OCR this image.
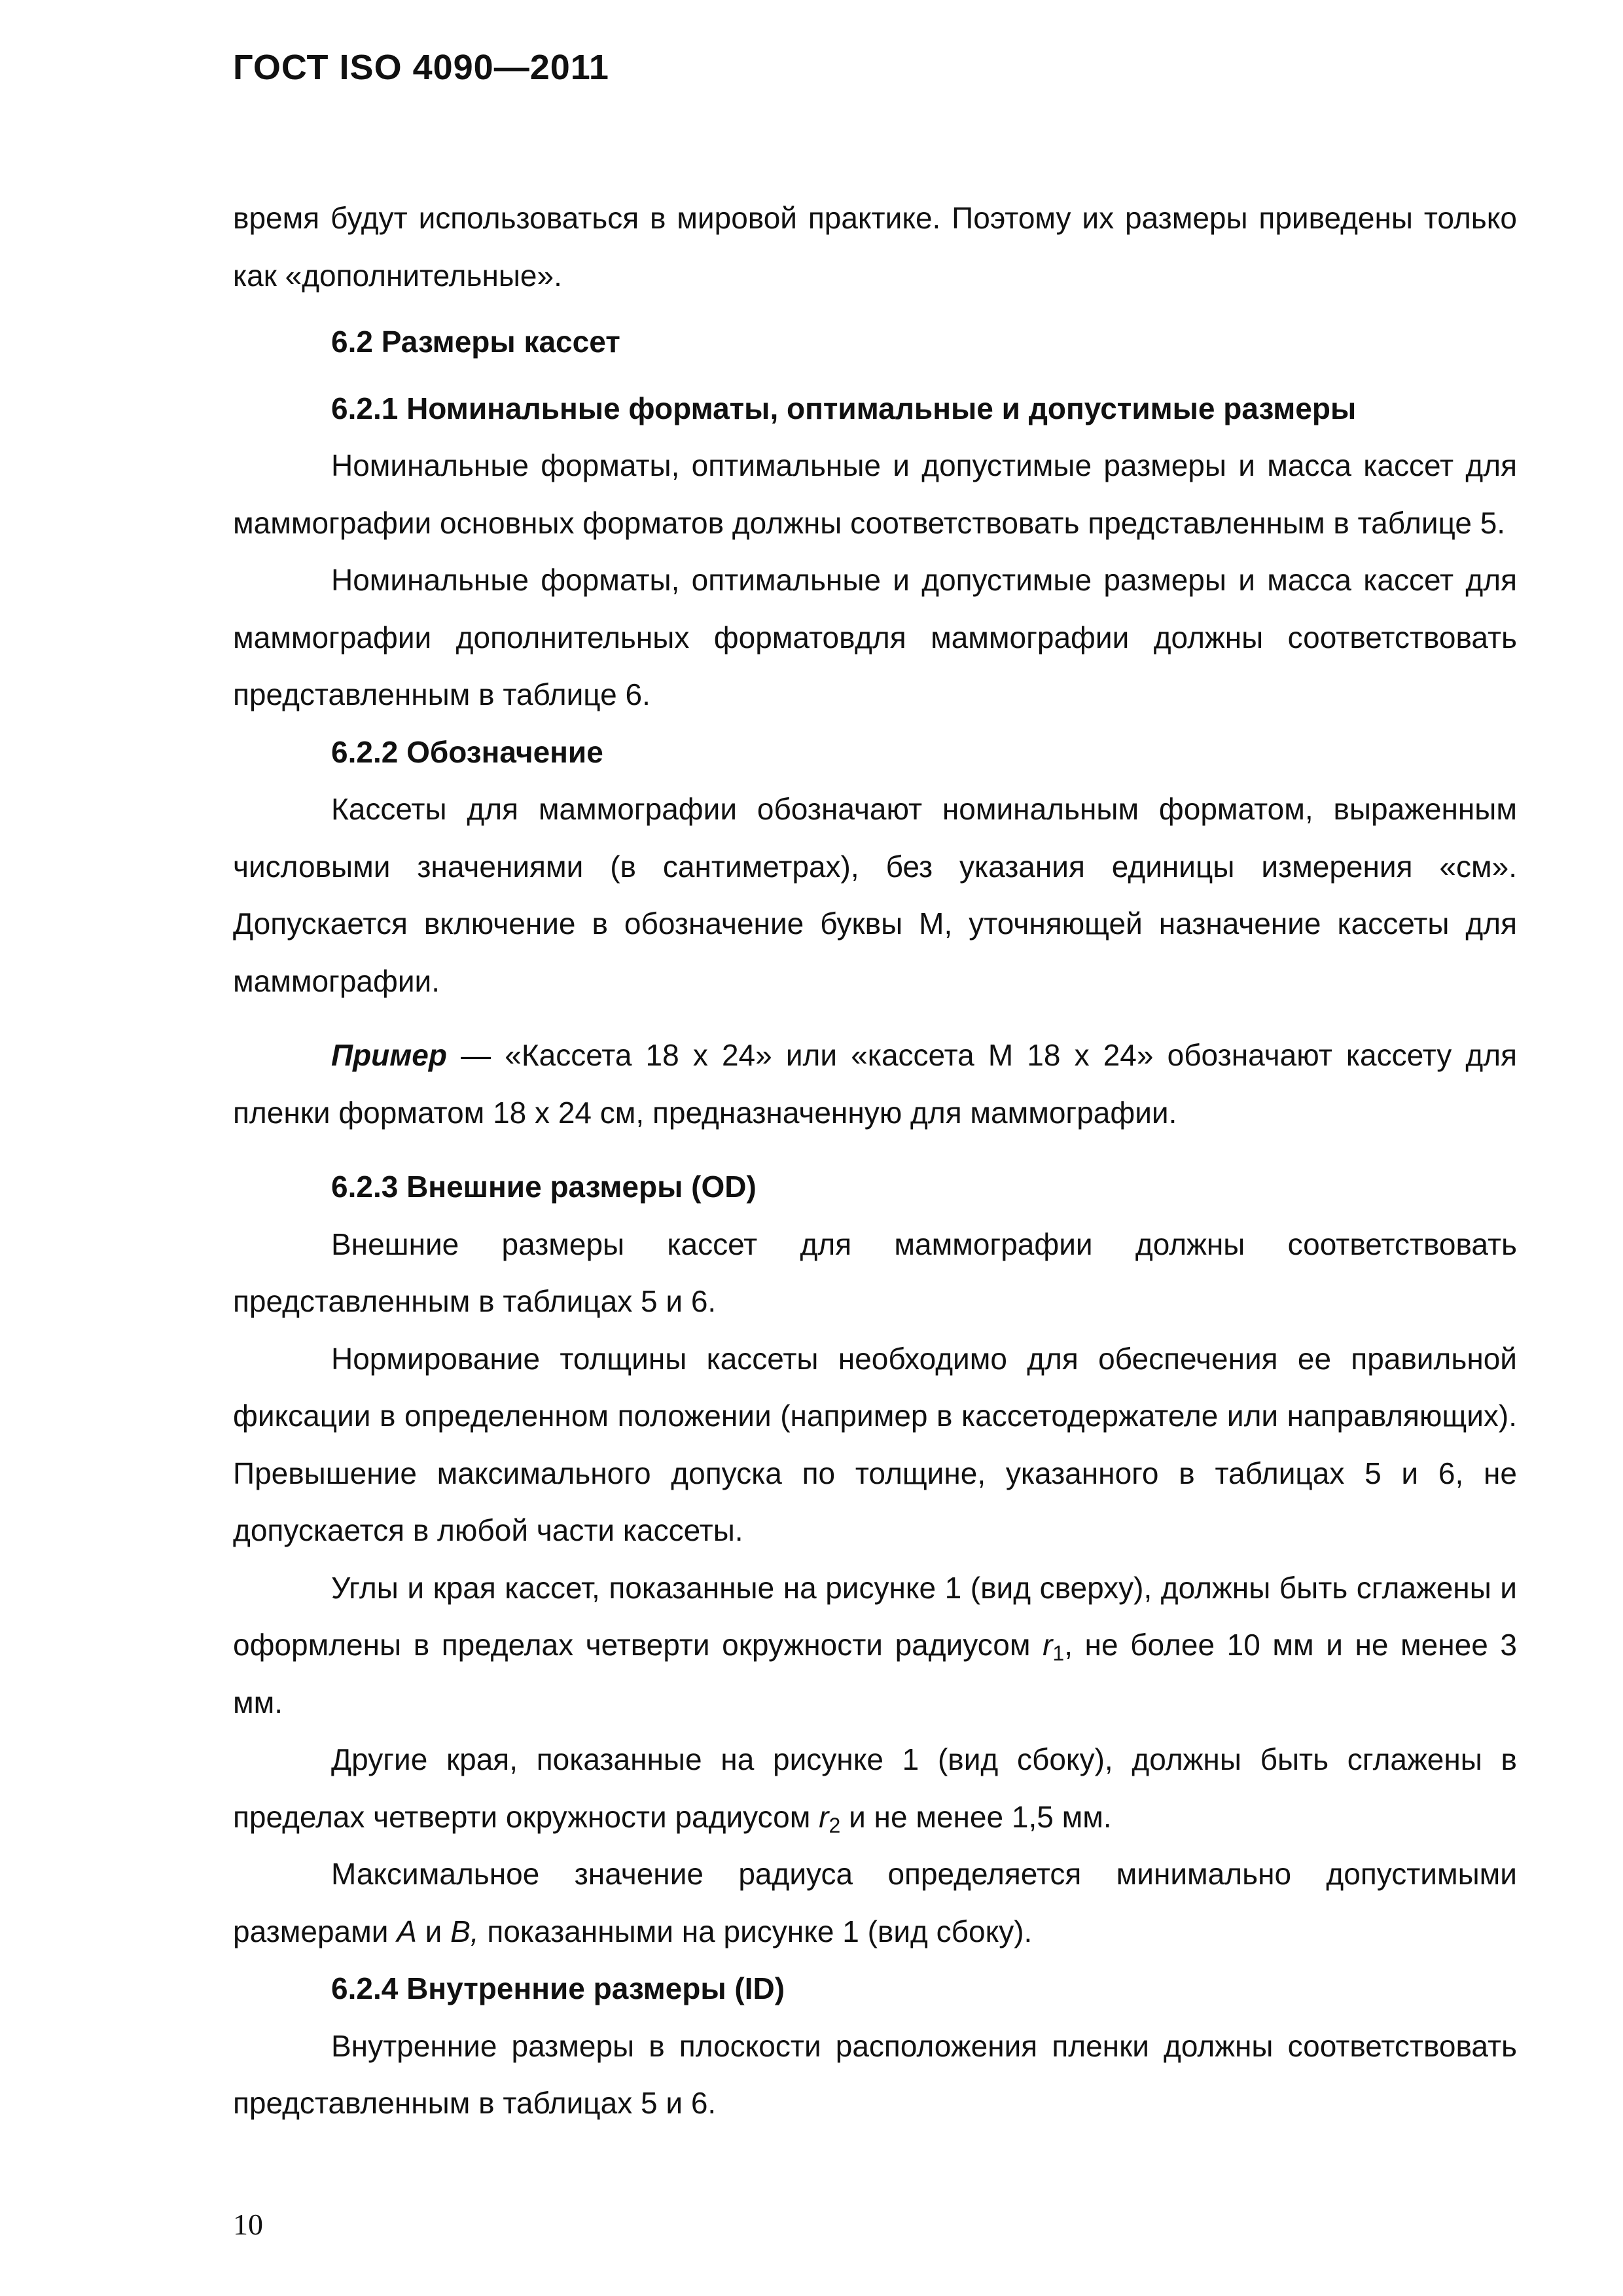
ГОСТ ISO 4090—2011

время будут использоваться в мировой практике. Поэтому их размеры приведены только как «дополнительные».

6.2 Размеры кассет
6.2.1 Номинальные форматы, оптимальные и допустимые размеры

Номинальные форматы, оптимальные и допустимые размеры и масса кассет для маммографии основных форматов должны соответствовать представленным в таблице 5.

Номинальные форматы, оптимальные и допустимые размеры и масса кассет для маммографии дополнительных форматовдля маммографии должны соответствовать представленным в таблице 6.

6.2.2 Обозначение

Кассеты для маммографии обозначают номинальным форматом, выраженным числовыми значениями (в сантиметрах), без указания единицы измерения «см». Допускается включение в обозначение буквы М, уточняющей назначение кассеты для маммографии.

Пример — «Кассета 18 x 24» или «кассета М 18 x 24» обозначают кассету для пленки форматом 18 x 24 см, предназначенную для маммографии.

6.2.3 Внешние размеры (OD)

Внешние размеры кассет для маммографии должны соответствовать представленным в таблицах 5 и 6.

Нормирование толщины кассеты необходимо для обеспечения ее правильной фиксации в определенном положении (например в кассетодержателе или направляющих). Превышение максимального допуска по толщине, указанного в таблицах 5 и 6, не допускается в любой части кассеты.

Углы и края кассет, показанные на рисунке 1 (вид сверху), должны быть сглажены и оформлены в пределах четверти окружности радиусом $r_1$, не более 10 мм и не менее 3 мм.

Другие края, показанные на рисунке 1 (вид сбоку), должны быть сглажены в пределах четверти окружности радиусом $r_2$ и не менее 1,5 мм.

Максимальное значение радиуса определяется минимально допустимыми размерами А и В, показанными на рисунке 1 (вид сбоку).

6.2.4 Внутренние размеры (ID)

Внутренние размеры в плоскости расположения пленки должны соответствовать представленным в таблицах 5 и 6.

10
